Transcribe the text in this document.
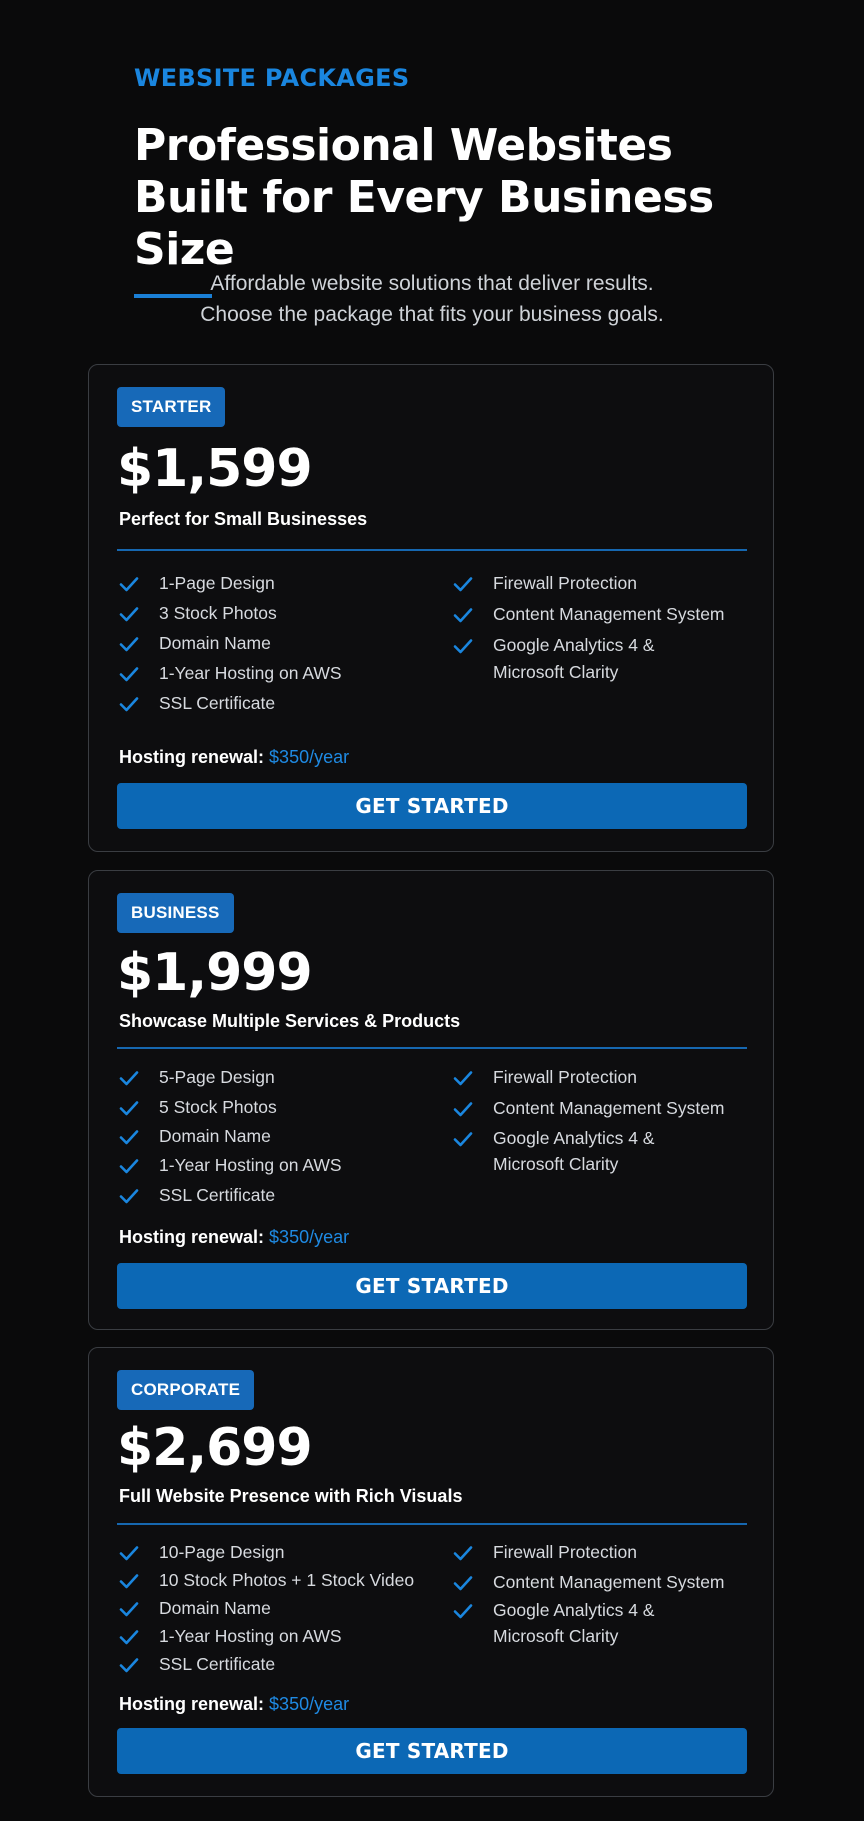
WEBSITE PACKAGES
Professional Websites
Built for Every Business Size
Affordable website solutions that deliver results.
Choose the package that fits your business goals.
STARTER
$1,599
Perfect for Small Businesses
1-Page Design
3 Stock Photos
Domain Name
1-Year Hosting on AWS
SSL Certificate
Firewall Protection
Content Management System
Google Analytics 4 &
Microsoft Clarity
Hosting renewal: $350/year
GET STARTED
BUSINESS
$1,999
Showcase Multiple Services & Products
5-Page Design
5 Stock Photos
Domain Name
1-Year Hosting on AWS
SSL Certificate
Firewall Protection
Content Management System
Google Analytics 4 &
Microsoft Clarity
Hosting renewal: $350/year
GET STARTED
CORPORATE
$2,699
Full Website Presence with Rich Visuals
10-Page Design
10 Stock Photos + 1 Stock Video
Domain Name
1-Year Hosting on AWS
SSL Certificate
Firewall Protection
Content Management System
Google Analytics 4 &
Microsoft Clarity
Hosting renewal: $350/year
GET STARTED
